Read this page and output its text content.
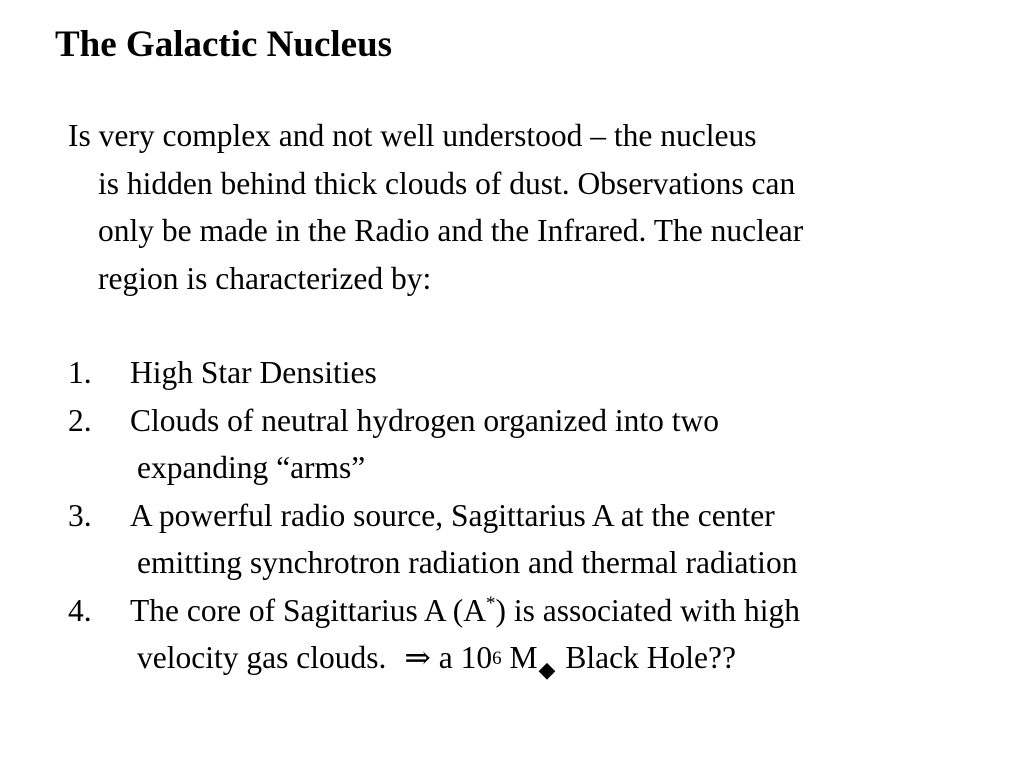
The Galactic Nucleus
Is very complex and not well understood – the nucleus
is hidden behind thick clouds of dust. Observations can
only be made in the Radio and the Infrared. The nuclear
region is characterized by:
1. High Star Densities
2. Clouds of neutral hydrogen organized into two
expanding “arms”
3. A powerful radio source, Sagittarius A at the center
emitting synchrotron radiation and thermal radiation
4. The core of Sagittarius A (A*) is associated with high
velocity gas clouds. ⇒ a $10^6$ M◆ Black Hole??
